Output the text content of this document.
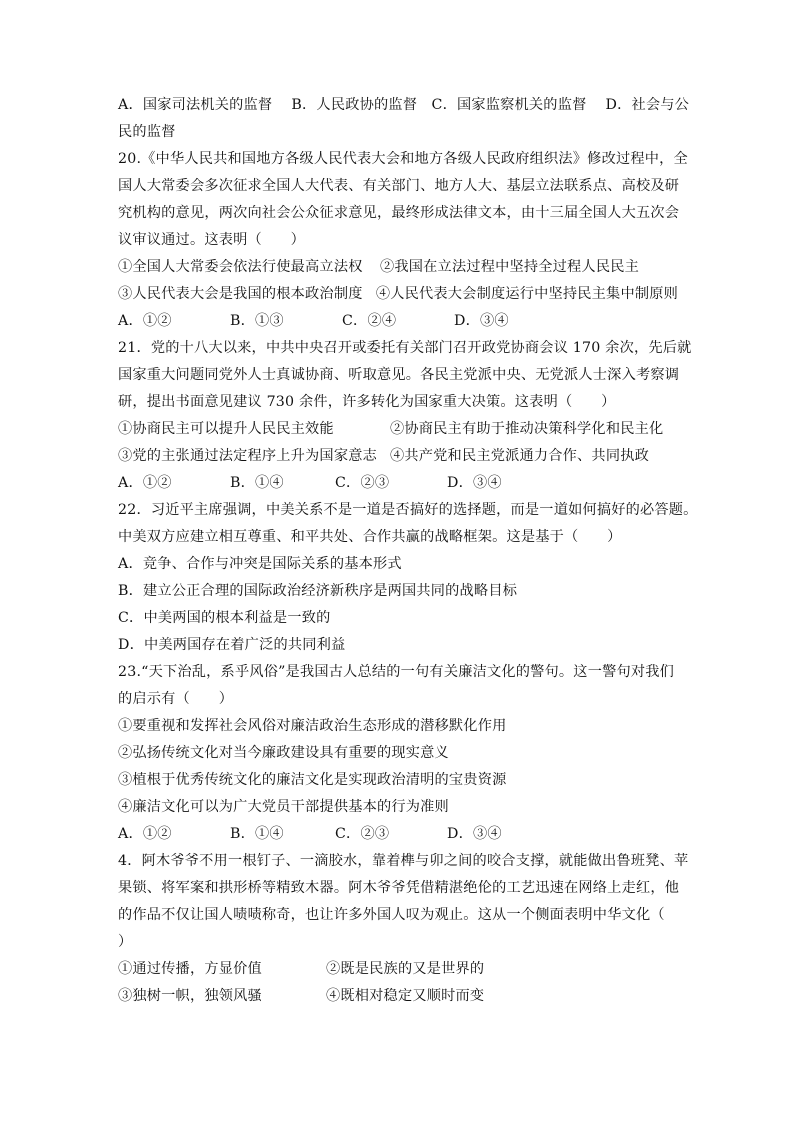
A．国家司法机关的监督　 B．人民政协的监督　C．国家监察机关的监督　 D．社会与公
民的监督
20.《中华人民共和国地方各级人民代表大会和地方各级人民政府组织法》修改过程中，全
国人大常委会多次征求全国人大代表、有关部门、地方人大、基层立法联系点、高校及研
究机构的意见，两次向社会公众征求意见，最终形成法律文本，由十三届全国人大五次会
议审议通过。这表明（　　）
①全国人大常委会依法行使最高立法权	②我国在立法过程中坚持全过程人民民主
③人民代表大会是我国的根本政治制度 ④人民代表大会制度运行中坚持民主集中制原则
A．①②	B．①③	C．②④	D．③④
21．党的十八大以来，中共中央召开或委托有关部门召开政党协商会议 170 余次，先后就
国家重大问题同党外人士真诚协商、听取意见。各民主党派中央、无党派人士深入考察调
研，提出书面意见建议 730 余件，许多转化为国家重大决策。这表明（　　）
①协商民主可以提升人民民主效能	②协商民主有助于推动决策科学化和民主化
③党的主张通过法定程序上升为国家意志 ④共产党和民主党派通力合作、共同执政
A．①②	B．①④	C．②③	D．③④
22．习近平主席强调，中美关系不是一道是否搞好的选择题，而是一道如何搞好的必答题。
中美双方应建立相互尊重、和平共处、合作共赢的战略框架。这是基于（　　）
A．竞争、合作与冲突是国际关系的基本形式
B．建立公正合理的国际政治经济新秩序是两国共同的战略目标
C．中美两国的根本利益是一致的
D．中美两国存在着广泛的共同利益
23.“天下治乱，系乎风俗”是我国古人总结的一句有关廉洁文化的警句。这一警句对我们
的启示有（　　）
①要重视和发挥社会风俗对廉洁政治生态形成的潜移默化作用
②弘扬传统文化对当今廉政建设具有重要的现实意义
③植根于优秀传统文化的廉洁文化是实现政治清明的宝贵资源
④廉洁文化可以为广大党员干部提供基本的行为准则
A．①②	B．①④	C．②③	D．③④
4．阿木爷爷不用一根钉子、一滴胶水，靠着榫与卯之间的咬合支撑，就能做出鲁班凳、苹
果锁、将军案和拱形桥等精致木器。阿木爷爷凭借精湛绝伦的工艺迅速在网络上走红，他
的作品不仅让国人啧啧称奇，也让许多外国人叹为观止。这从一个侧面表明中华文化（
）
①通过传播，方显价值	②既是民族的又是世界的
③独树一帜，独领风骚	④既相对稳定又顺时而变
